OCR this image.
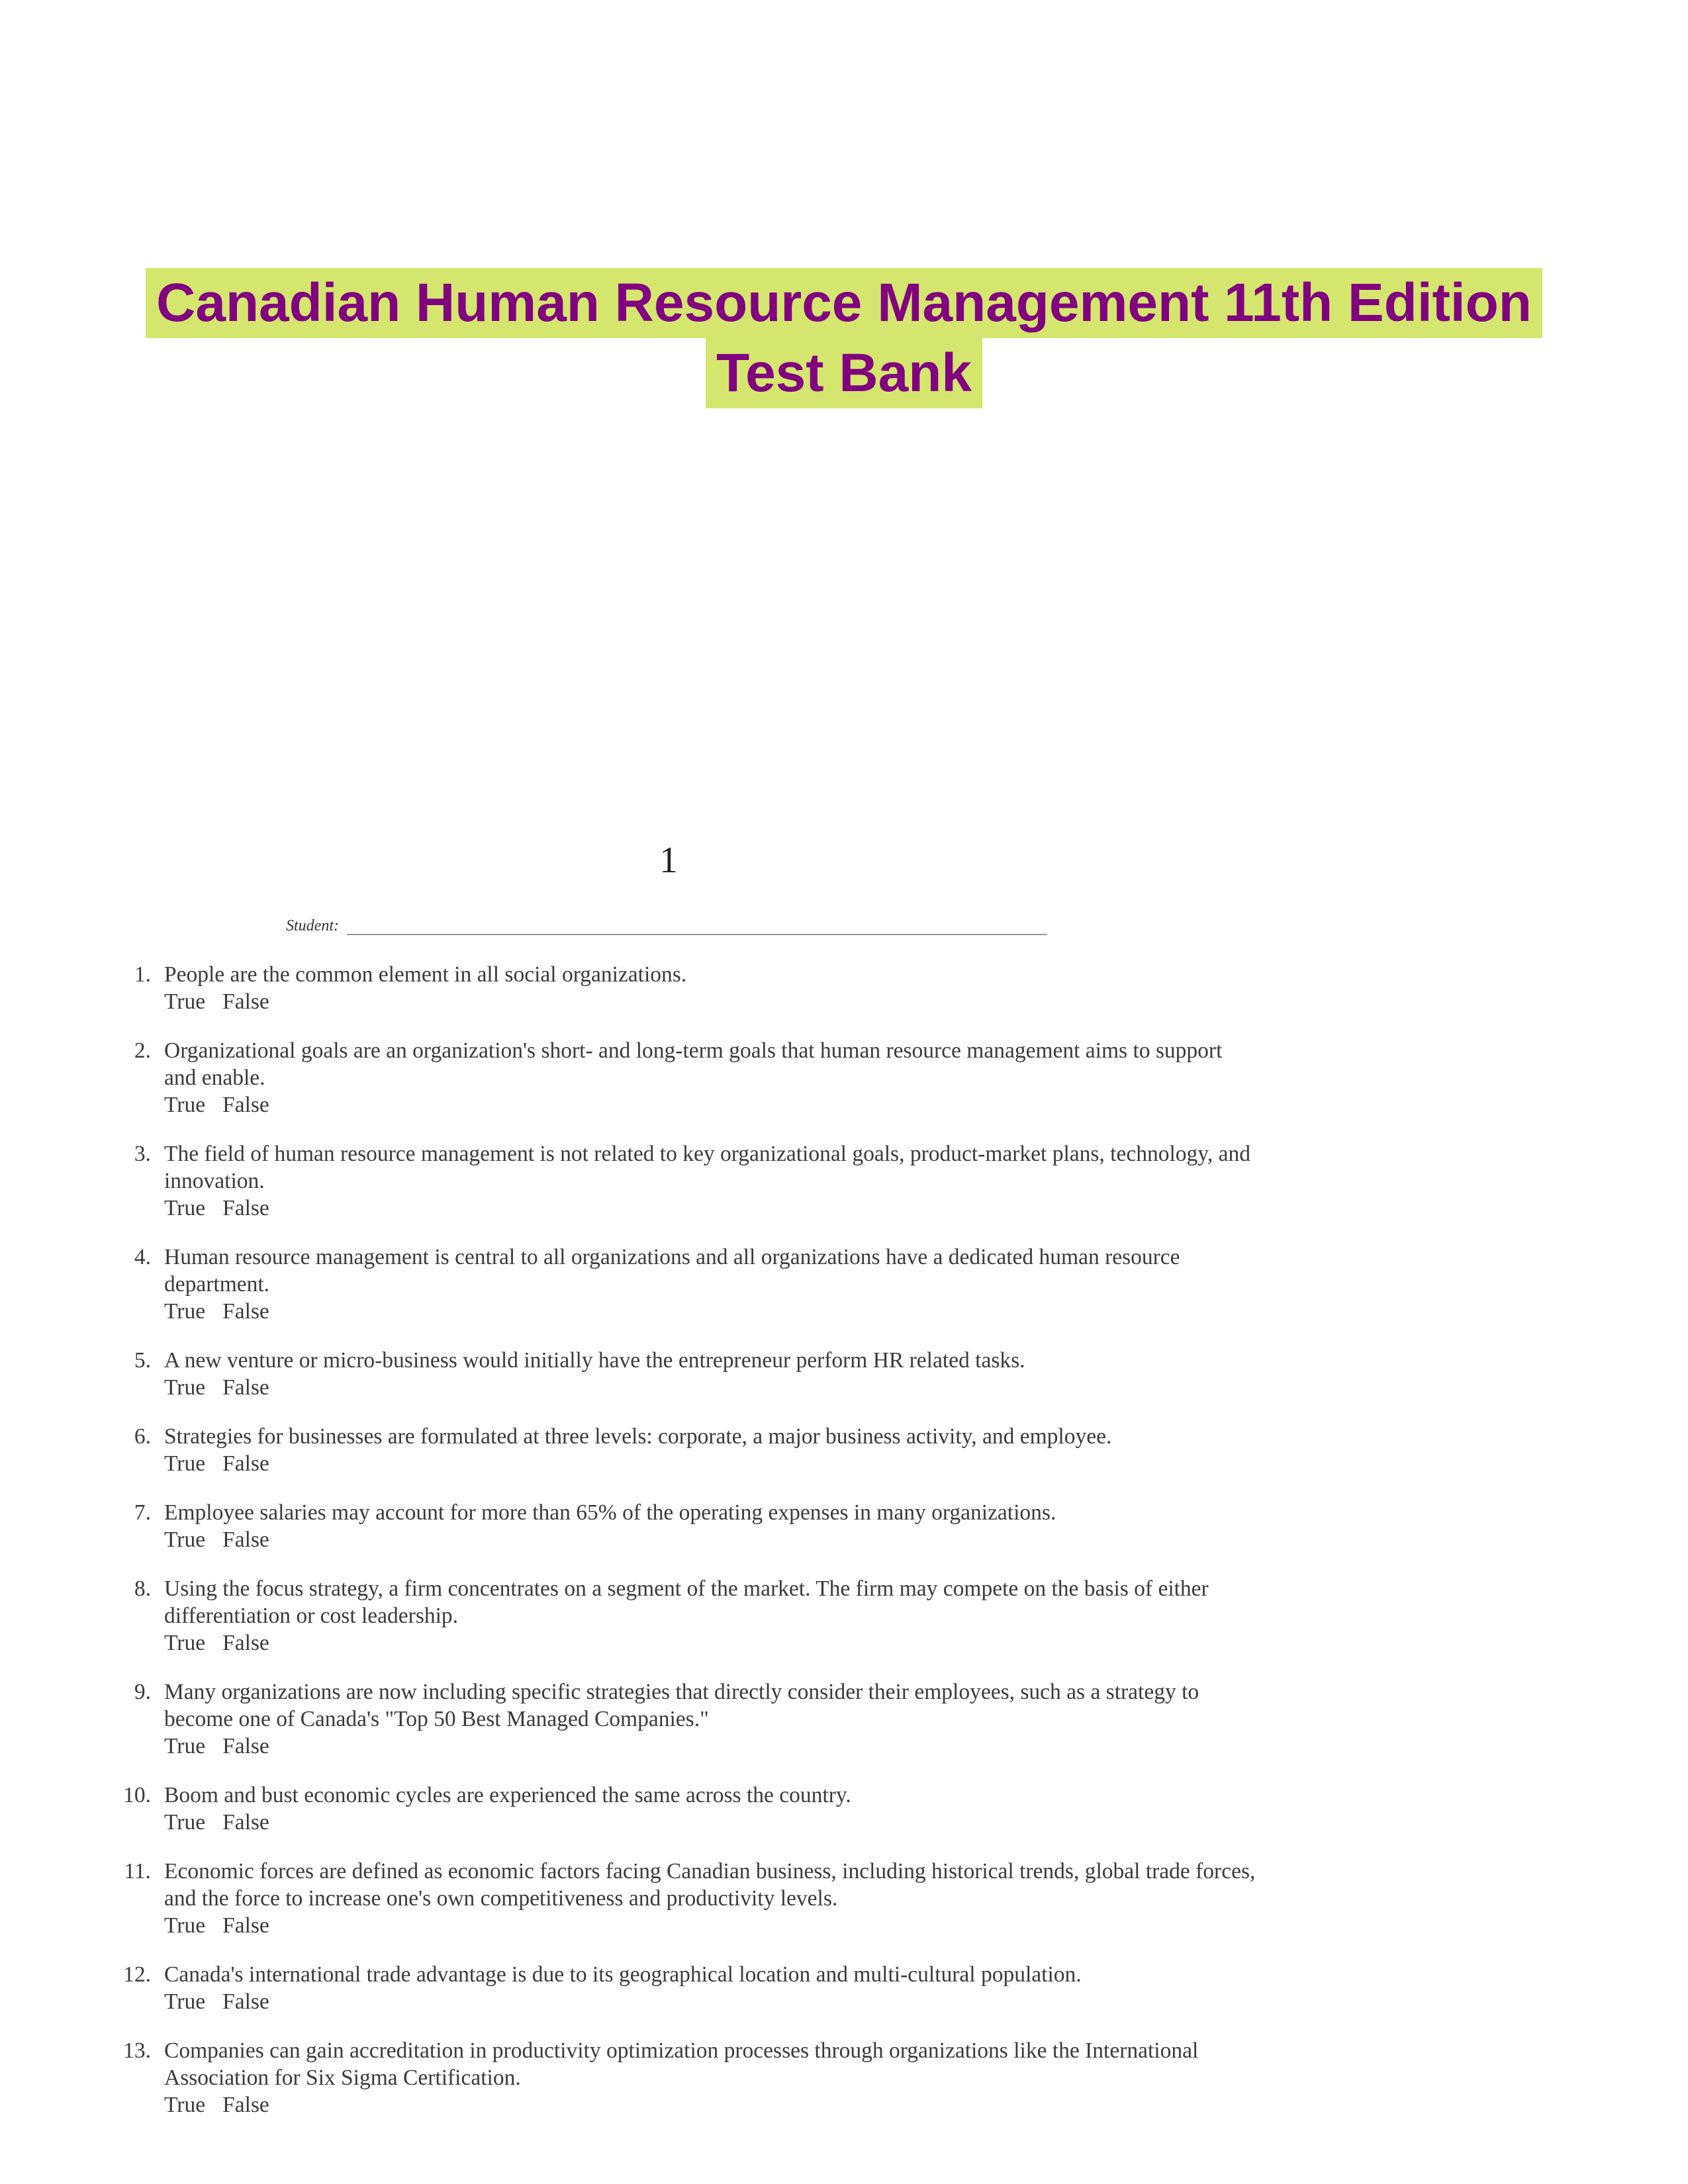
Canadian Human Resource Management 11th Edition
Test Bank
1
Student:
1. People are the common element in all social organizations.
True False
2. Organizational goals are an organization's short- and long-term goals that human resource management aims to support and enable.
True False
3. The field of human resource management is not related to key organizational goals, product-market plans, technology, and innovation.
True False
4. Human resource management is central to all organizations and all organizations have a dedicated human resource department.
True False
5. A new venture or micro-business would initially have the entrepreneur perform HR related tasks.
True False
6. Strategies for businesses are formulated at three levels: corporate, a major business activity, and employee.
True False
7. Employee salaries may account for more than 65% of the operating expenses in many organizations.
True False
8. Using the focus strategy, a firm concentrates on a segment of the market. The firm may compete on the basis of either differentiation or cost leadership.
True False
9. Many organizations are now including specific strategies that directly consider their employees, such as a strategy to become one of Canada's "Top 50 Best Managed Companies."
True False
10. Boom and bust economic cycles are experienced the same across the country.
True False
11. Economic forces are defined as economic factors facing Canadian business, including historical trends, global trade forces, and the force to increase one's own competitiveness and productivity levels.
True False
12. Canada's international trade advantage is due to its geographical location and multi-cultural population.
True False
13. Companies can gain accreditation in productivity optimization processes through organizations like the International Association for Six Sigma Certification.
True False
